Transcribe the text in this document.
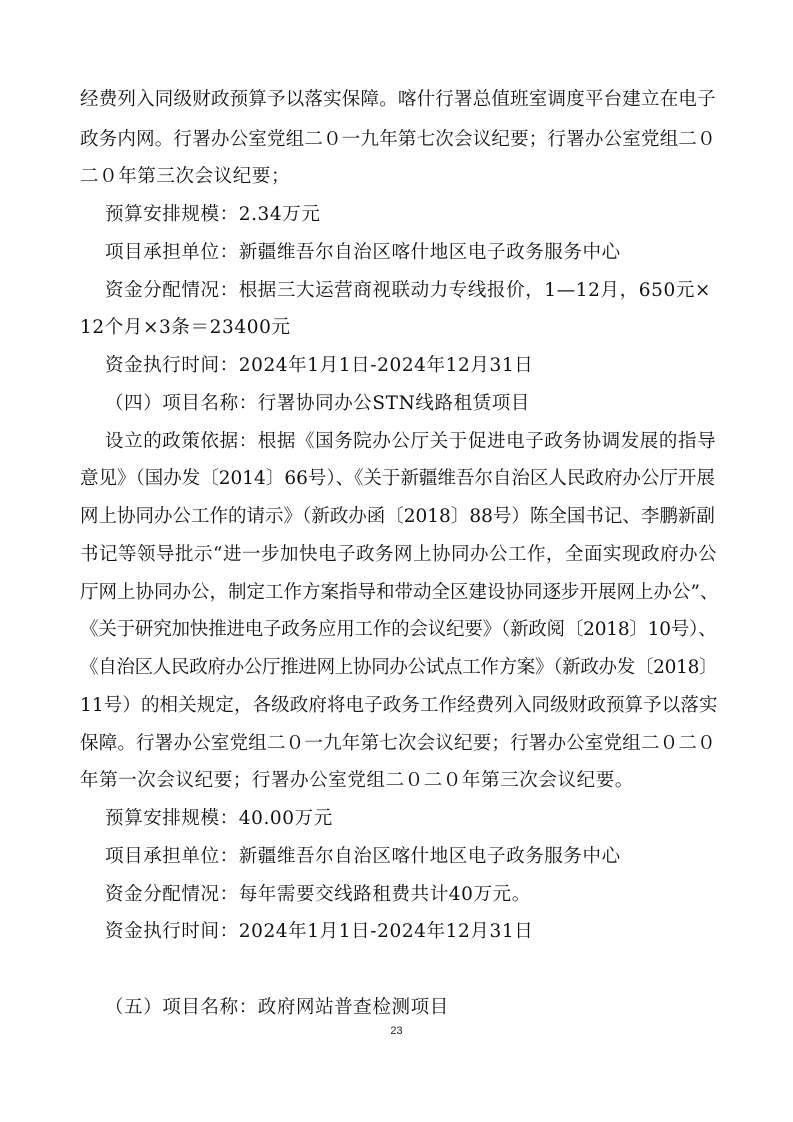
经费列入同级财政预算予以落实保障。喀什行署总值班室调度平台建立在电子
政务内网。行署办公室党组二０一九年第七次会议纪要；行署办公室党组二０
二０年第三次会议纪要；
预算安排规模：2.34万元
项目承担单位：新疆维吾尔自治区喀什地区电子政务服务中心
资金分配情况：根据三大运营商视联动力专线报价，1—12月，650元×
12个月×3条＝23400元
资金执行时间：2024年1月1日-2024年12月31日
（四）项目名称：行署协同办公STN线路租赁项目
设立的政策依据：根据《国务院办公厅关于促进电子政务协调发展的指导
意见》（国办发〔2014〕66号）、《关于新疆维吾尔自治区人民政府办公厅开展
网上协同办公工作的请示》（新政办函〔2018〕88号）陈全国书记、李鹏新副
书记等领导批示“进一步加快电子政务网上协同办公工作，全面实现政府办公
厅网上协同办公，制定工作方案指导和带动全区建设协同逐步开展网上办公”、
《关于研究加快推进电子政务应用工作的会议纪要》（新政阅〔2018〕10号）、
《自治区人民政府办公厅推进网上协同办公试点工作方案》（新政办发〔2018〕
11号）的相关规定，各级政府将电子政务工作经费列入同级财政预算予以落实
保障。行署办公室党组二０一九年第七次会议纪要；行署办公室党组二０二０
年第一次会议纪要；行署办公室党组二０二０年第三次会议纪要。
预算安排规模：40.00万元
项目承担单位：新疆维吾尔自治区喀什地区电子政务服务中心
资金分配情况：每年需要交线路租费共计40万元。
资金执行时间：2024年1月1日-2024年12月31日
（五）项目名称：政府网站普查检测项目
23
